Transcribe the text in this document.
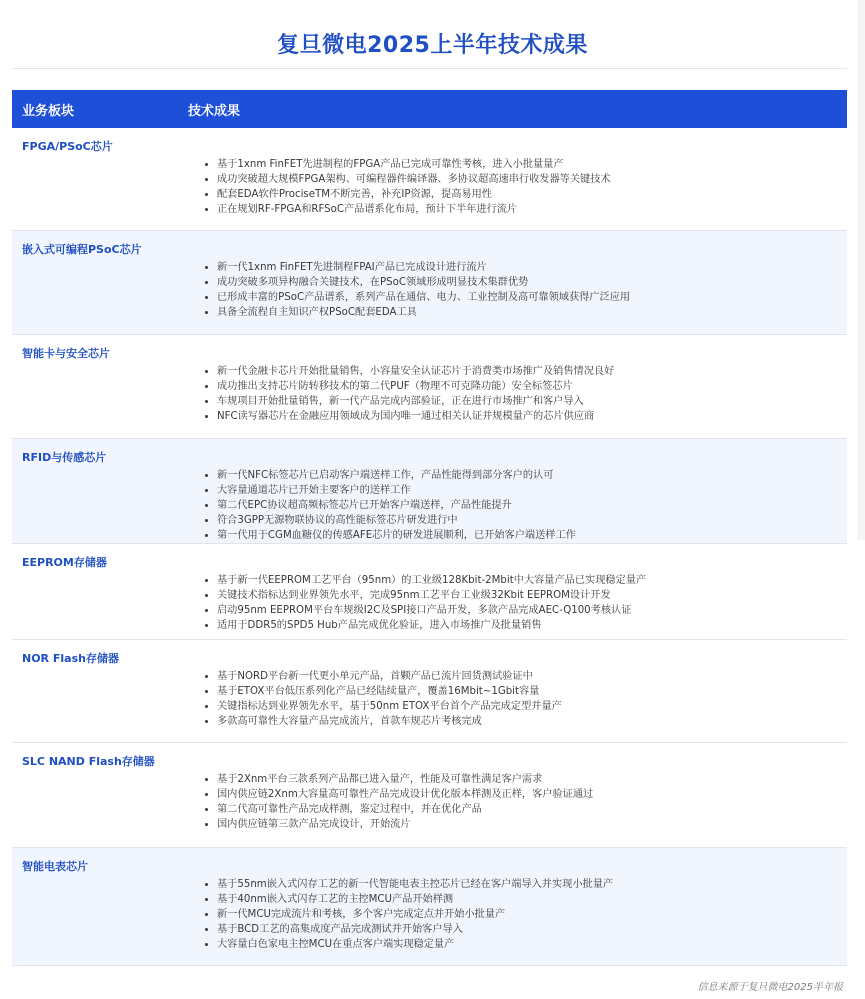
复旦微电2025上半年技术成果
业务板块	技术成果
FPGA/PSoC芯片
• 基于1xnm FinFET先进制程的FPGA产品已完成可靠性考核，进入小批量量产
• 成功突破超大规模FPGA架构、可编程器件编译器、多协议超高速串行收发器等关键技术
• 配套EDA软件ProciseTM不断完善，补充IP资源，提高易用性
• 正在规划RF-FPGA和RFSoC产品谱系化布局，预计下半年进行流片
嵌入式可编程PSoC芯片
• 新一代1xnm FinFET先进制程FPAI产品已完成设计进行流片
• 成功突破多项异构融合关键技术，在PSoC领域形成明显技术集群优势
• 已形成丰富的PSoC产品谱系，系列产品在通信、电力、工业控制及高可靠领域获得广泛应用
• 具备全流程自主知识产权PSoC配套EDA工具
智能卡与安全芯片
• 新一代金融卡芯片开始批量销售，小容量安全认证芯片于消费类市场推广及销售情况良好
• 成功推出支持芯片防转移技术的第二代PUF（物理不可克隆功能）安全标签芯片
• 车规项目开始批量销售，新一代产品完成内部验证，正在进行市场推广和客户导入
• NFC读写器芯片在金融应用领域成为国内唯一通过相关认证并规模量产的芯片供应商
RFID与传感芯片
• 新一代NFC标签芯片已启动客户端送样工作，产品性能得到部分客户的认可
• 大容量通道芯片已开始主要客户的送样工作
• 第二代EPC协议超高频标签芯片已开始客户端送样，产品性能提升
• 符合3GPP无源物联协议的高性能标签芯片研发进行中
• 第一代用于CGM血糖仪的传感AFE芯片的研发进展顺利，已开始客户端送样工作
EEPROM存储器
• 基于新一代EEPROM工艺平台（95nm）的工业级128Kbit-2Mbit中大容量产品已实现稳定量产
• 关键技术指标达到业界领先水平，完成95nm工艺平台工业级32Kbit EEPROM设计开发
• 启动95nm EEPROM平台车规级I2C及SPI接口产品开发，多款产品完成AEC-Q100考核认证
• 适用于DDR5的SPD5 Hub产品完成优化验证，进入市场推广及批量销售
NOR Flash存储器
• 基于NORD平台新一代更小单元产品，首颗产品已流片回货测试验证中
• 基于ETOX平台低压系列化产品已经陆续量产，覆盖16Mbit~1Gbit容量
• 关键指标达到业界领先水平，基于50nm ETOX平台首个产品完成定型并量产
• 多款高可靠性大容量产品完成流片，首款车规芯片考核完成
SLC NAND Flash存储器
• 基于2Xnm平台三款系列产品都已进入量产，性能及可靠性满足客户需求
• 国内供应链2Xnm大容量高可靠性产品完成设计优化版本样测及正样，客户验证通过
• 第二代高可靠性产品完成样测，鉴定过程中，并在优化产品
• 国内供应链第三款产品完成设计，开始流片
智能电表芯片
• 基于55nm嵌入式闪存工艺的新一代智能电表主控芯片已经在客户端导入并实现小批量产
• 基于40nm嵌入式闪存工艺的主控MCU产品开始样测
• 新一代MCU完成流片和考核，多个客户完成定点并开始小批量产
• 基于BCD工艺的高集成度产品完成测试并开始客户导入
• 大容量白色家电主控MCU在重点客户端实现稳定量产
信息来源于复旦微电2025半年报
